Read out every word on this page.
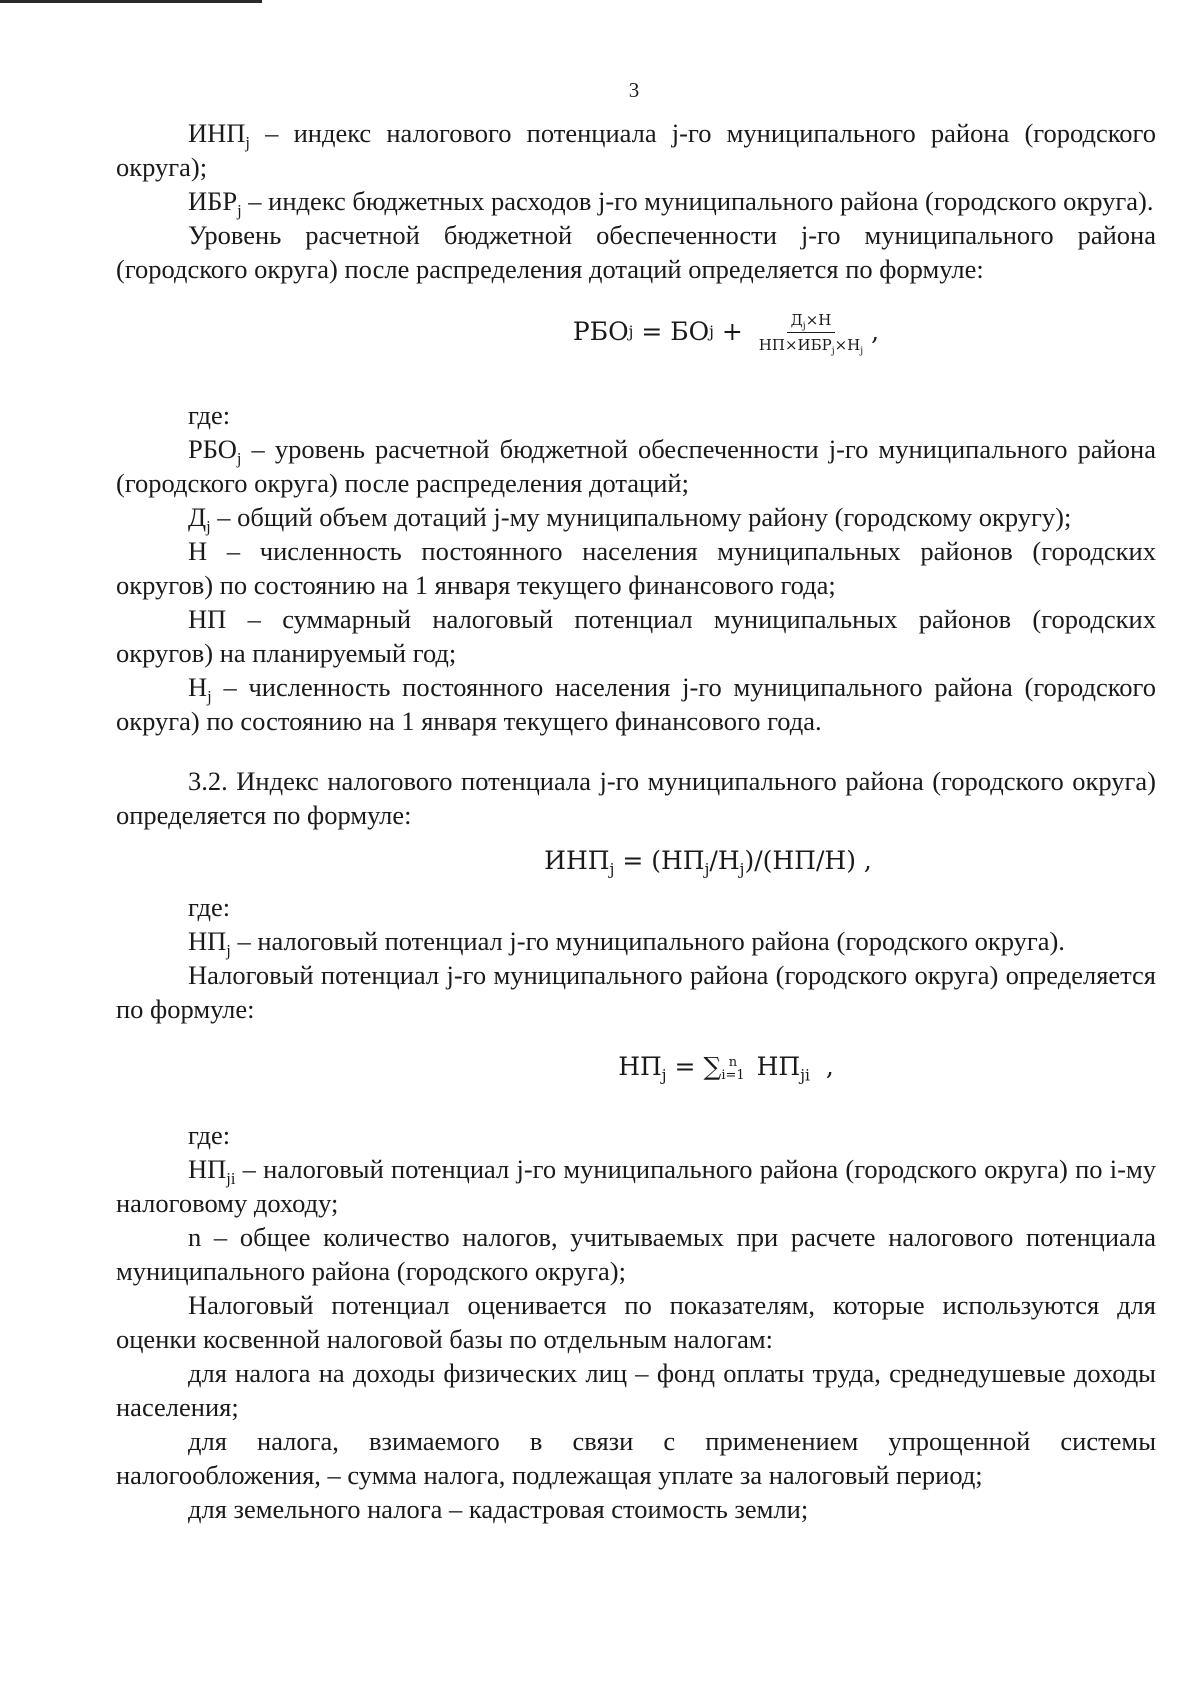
3

$ИНП_j$ – индекс налогового потенциала j-го муниципального района (городского округа);

$ИБР_j$ – индекс бюджетных расходов j-го муниципального района (городского округа).

Уровень расчетной бюджетной обеспеченности j-го муниципального района (городского округа) после распределения дотаций определяется по формуле:

РБО j = БО $j + \frac{Д_j\times Н}{НП\times ИБР_j\times Н_j}$ ,

где:

$РБО_j$ – уровень расчетной бюджетной обеспеченности j-го муниципального района (городского округа) после распределения дотаций;

$Д_j$ – общий объем дотаций j-му муниципальному району (городскому округу);

Н – численность постоянного населения муниципальных районов (городских округов) по состоянию на 1 января текущего финансового года;

НП – суммарный налоговый потенциал муниципальных районов (городских округов) на планируемый год;

$Н_j$ – численность постоянного населения j-го муниципального района (городского округа) по состоянию на 1 января текущего финансового года.

3.2. Индекс налогового потенциала j-го муниципального района (городского округа) определяется по формуле:

$ИНП_j = (НП_j/Н_j)/(НП/Н)$ ,

где:

$НП_j$ – налоговый потенциал j-го муниципального района (городского округа).

Налоговый потенциал j-го муниципального района (городского округа) определяется по формуле:

$НП_j$ = ∑ n
i=1 $НП_{ji}$  ,

где:

$НП_{ji}$ – налоговый потенциал j-го муниципального района (городского округа) по i-му налоговому доходу;

n – общее количество налогов, учитываемых при расчете налогового потенциала муниципального района (городского округа);

Налоговый потенциал оценивается по показателям, которые используются для оценки косвенной налоговой базы по отдельным налогам:

для налога на доходы физических лиц – фонд оплаты труда, среднедушевые доходы населения;

для налога, взимаемого в связи с применением упрощенной системы налогообложения, – сумма налога, подлежащая уплате за налоговый период;

для земельного налога – кадастровая стоимость земли;
